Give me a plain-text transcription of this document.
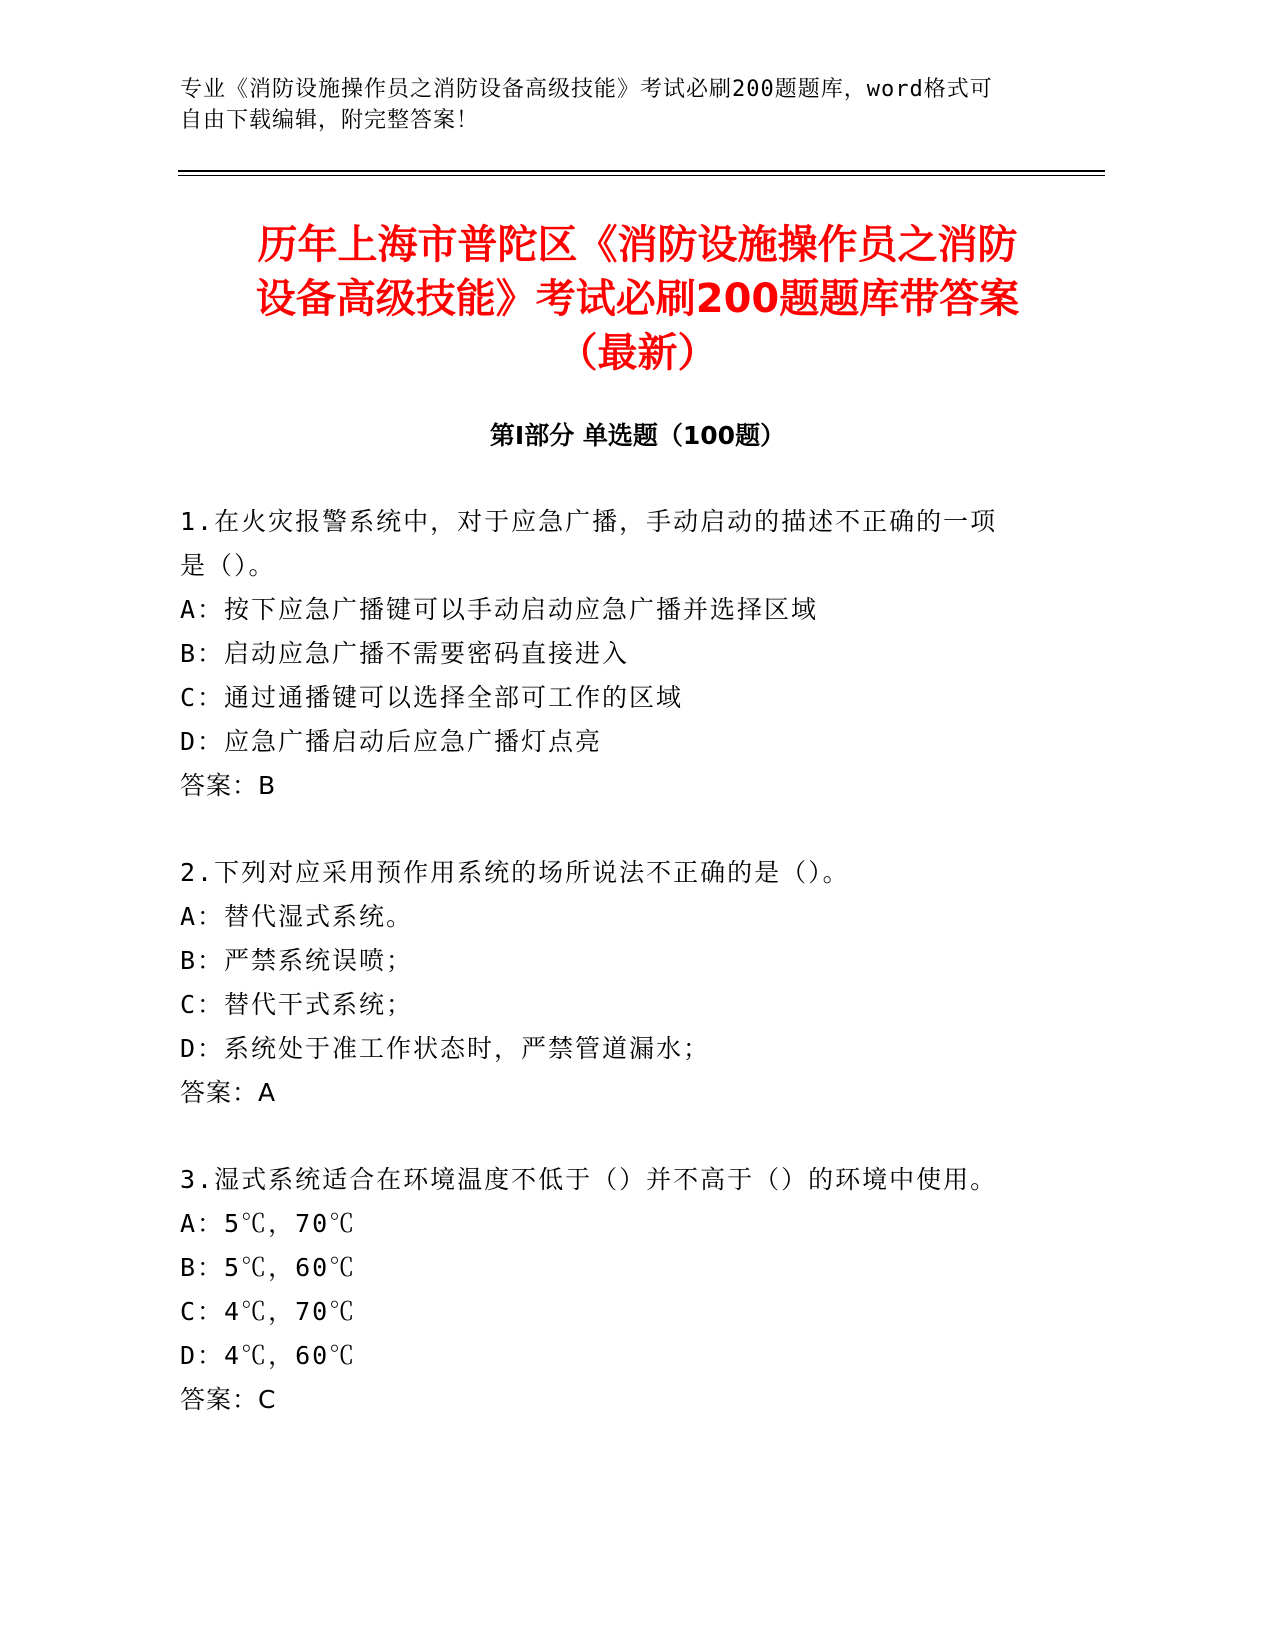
专业《消防设施操作员之消防设备高级技能》考试必刷200题题库，word格式可
自由下载编辑，附完整答案！
历年上海市普陀区《消防设施操作员之消防
设备高级技能》考试必刷200题题库带答案
（最新）
第Ⅰ部分 单选题（100题）
1.在火灾报警系统中，对于应急广播，手动启动的描述不正确的一项
是（）。
A：按下应急广播键可以手动启动应急广播并选择区域
B：启动应急广播不需要密码直接进入
C：通过通播键可以选择全部可工作的区域
D：应急广播启动后应急广播灯点亮
答案：B
2.下列对应采用预作用系统的场所说法不正确的是（）。
A：替代湿式系统。
B：严禁系统误喷；
C：替代干式系统；
D：系统处于准工作状态时，严禁管道漏水；
答案：A
3.湿式系统适合在环境温度不低于（）并不高于（）的环境中使用。
A：5℃，70℃
B：5℃，60℃
C：4℃，70℃
D：4℃，60℃
答案：C
